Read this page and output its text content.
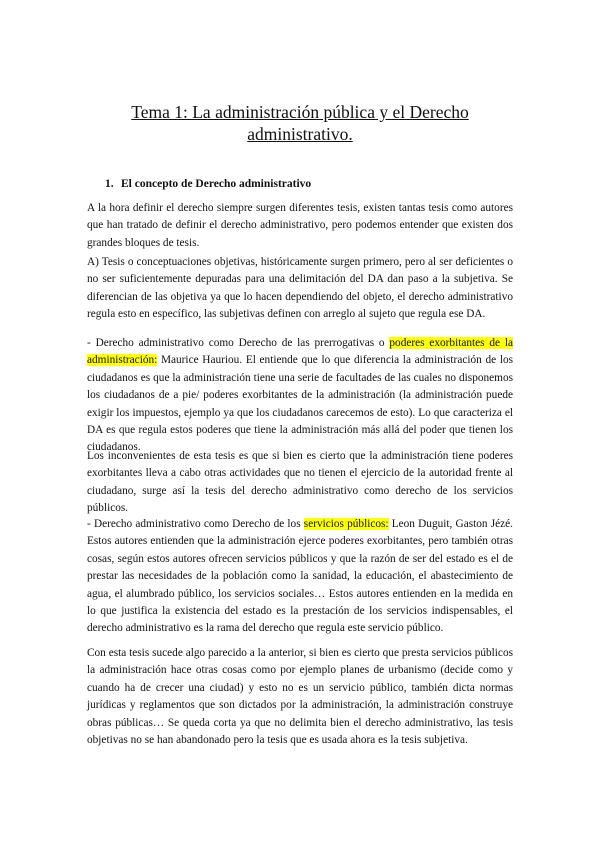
Tema 1: La administración pública y el Derecho
administrativo.
1. El concepto de Derecho administrativo

A la hora definir el derecho siempre surgen diferentes tesis, existen tantas tesis como autores que han tratado de definir el derecho administrativo, pero podemos entender que existen dos grandes bloques de tesis.

A) Tesis o conceptuaciones objetivas, históricamente surgen primero, pero al ser deficientes o no ser suficientemente depuradas para una delimitación del DA dan paso a la subjetiva. Se diferencian de las objetiva ya que lo hacen dependiendo del objeto, el derecho administrativo regula esto en específico, las subjetivas definen con arreglo al sujeto que regula ese DA.

- Derecho administrativo como Derecho de las prerrogativas o poderes exorbitantes de la administración: Maurice Hauriou. El entiende que lo que diferencia la administración de los ciudadanos es que la administración tiene una serie de facultades de las cuales no disponemos los ciudadanos de a pie/ poderes exorbitantes de la administración (la administración puede exigir los impuestos, ejemplo ya que los ciudadanos carecemos de esto). Lo que caracteriza el DA es que regula estos poderes que tiene la administración más allá del poder que tienen los ciudadanos.

Los inconvenientes de esta tesis es que si bien es cierto que la administración tiene poderes exorbitantes lleva a cabo otras actividades que no tienen el ejercicio de la autoridad frente al ciudadano, surge así la tesis del derecho administrativo como derecho de los servicios públicos.

- Derecho administrativo como Derecho de los servicios públicos: Leon Duguit, Gaston Jézé. Estos autores entienden que la administración ejerce poderes exorbitantes, pero también otras cosas, según estos autores ofrecen servicios públicos y que la razón de ser del estado es el de prestar las necesidades de la población como la sanidad, la educación, el abastecimiento de agua, el alumbrado público, los servicios sociales… Estos autores entienden en la medida en lo que justifica la existencia del estado es la prestación de los servicios indispensables, el derecho administrativo es la rama del derecho que regula este servicio público.

Con esta tesis sucede algo parecido a la anterior, si bien es cierto que presta servicios públicos la administración hace otras cosas como por ejemplo planes de urbanismo (decide como y cuando ha de crecer una ciudad) y esto no es un servicio público, también dicta normas jurídicas y reglamentos que son dictados por la administración, la administración construye obras públicas… Se queda corta ya que no delimita bien el derecho administrativo, las tesis objetivas no se han abandonado pero la tesis que es usada ahora es la tesis subjetiva.
